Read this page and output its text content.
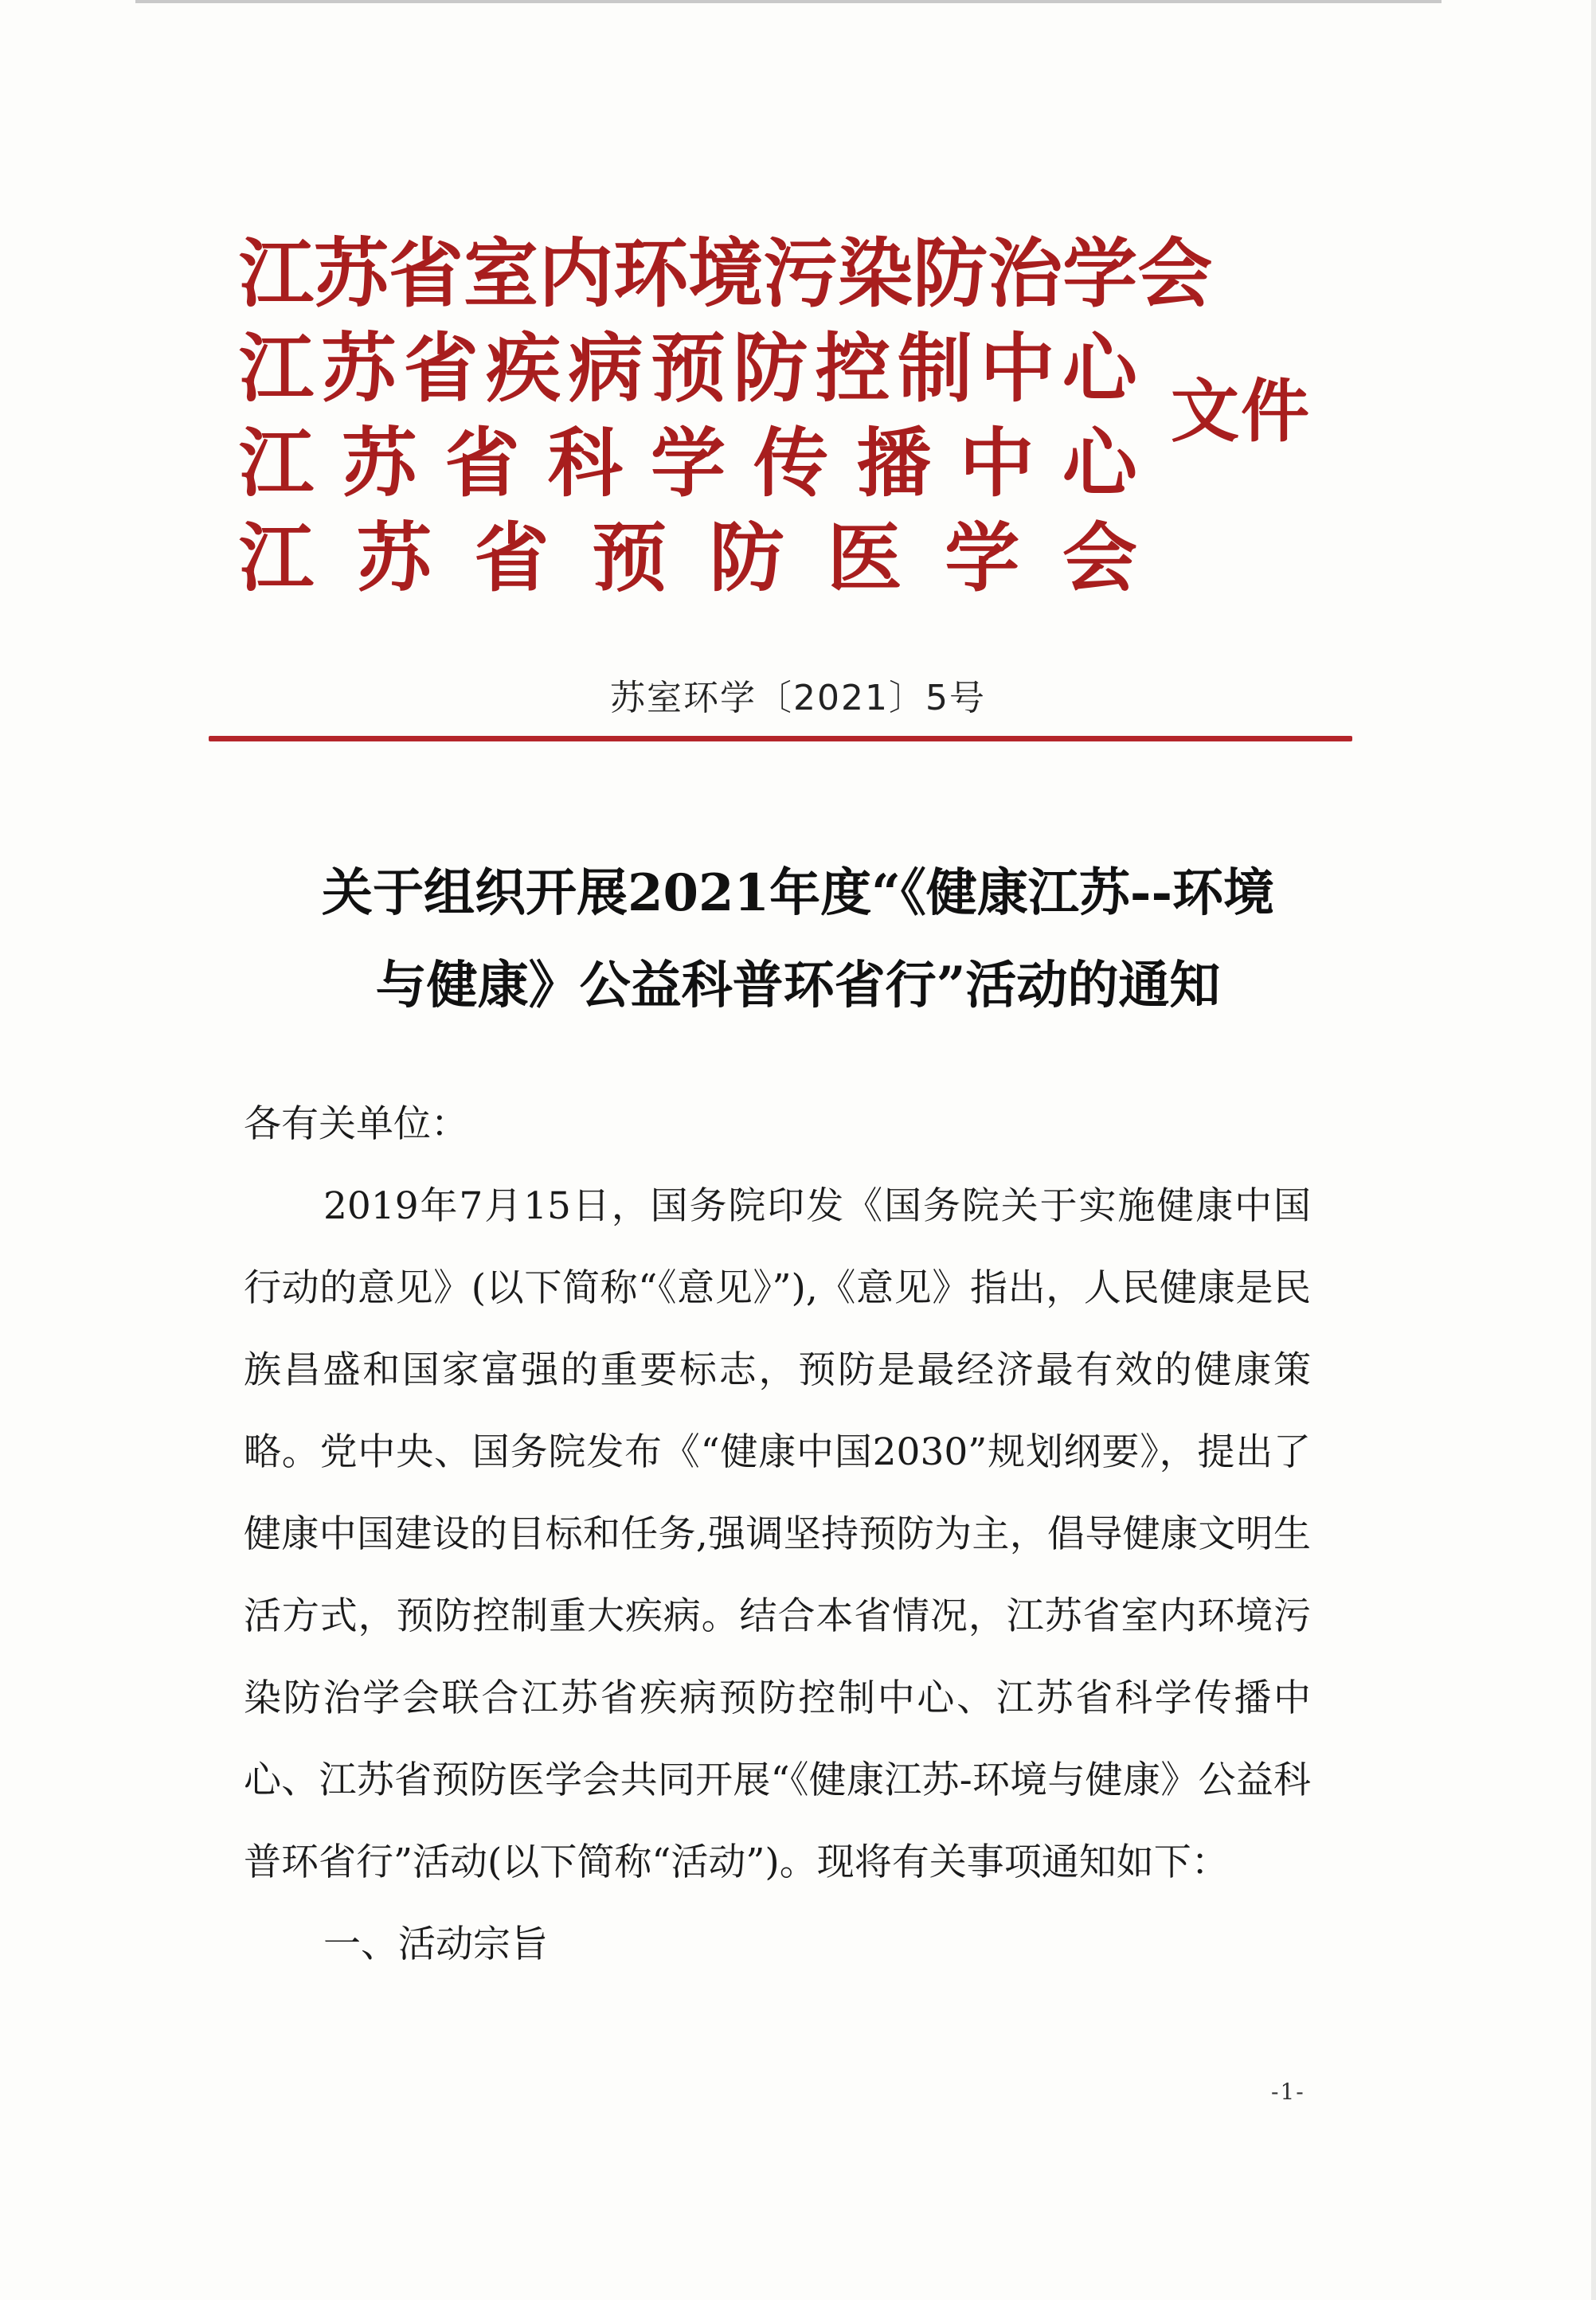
江 苏 省 室 内 环 境 污 染 防 治 学 会
江 苏 省 疾 病 预 防 控 制 中 心
江 苏 省 科 学 传 播 中 心
江 苏 省 预 防 医 学 会
文件
苏室环学〔2021〕5号
关于组织开展2021年度“《健康江苏--环境
与健康》公益科普环省行”活动的通知

各有关单位：

2019年7月15日，国务院印发《国务院关于实施健康中国行动的意见》(以下简称“《意见》”),《意见》指出，人民健康是民族昌盛和国家富强的重要标志，预防是最经济最有效的健康策略。党中央、国务院发布《“健康中国2030”规划纲要》，提出了健康中国建设的目标和任务,强调坚持预防为主，倡导健康文明生活方式，预防控制重大疾病。结合本省情况，江苏省室内环境污染防治学会联合江苏省疾病预防控制中心、江苏省科学传播中心、江苏省预防医学会共同开展“《健康江苏-环境与健康》公益科普环省行”活动(以下简称“活动”)。现将有关事项通知如下：

一、活动宗旨

-1-
